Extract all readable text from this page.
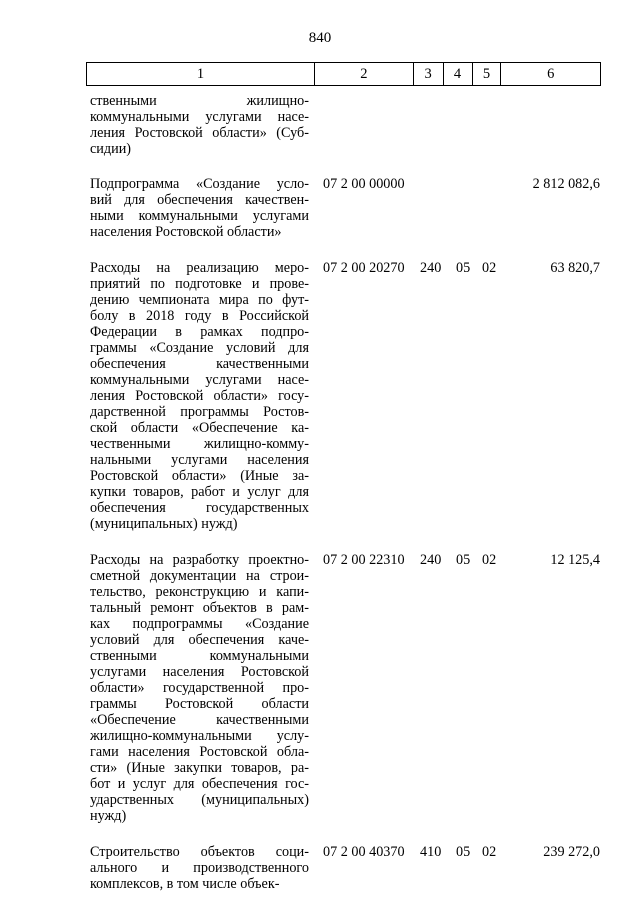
840
1	2	3	4	5	6
ственными жилищно-
коммунальными услугами насе-
ления Ростовской области» (Суб-
сидии)
Подпрограмма «Создание усло-
вий для обеспечения качествен-
ными коммунальными услугами
населения Ростовской области»
07 2 00 00000	2 812 082,6
Расходы на реализацию меро-
приятий по подготовке и прове-
дению чемпионата мира по фут-
болу в 2018 году в Российской
Федерации в рамках подпро-
граммы «Создание условий для
обеспечения качественными
коммунальными услугами насе-
ления Ростовской области» госу-
дарственной программы Ростов-
ской области «Обеспечение ка-
чественными жилищно-комму-
нальными услугами населения
Ростовской области» (Иные за-
купки товаров, работ и услуг для
обеспечения государственных
(муниципальных) нужд)
07 2 00 20270 240 05 02	63 820,7
Расходы на разработку проектно-
сметной документации на строи-
тельство, реконструкцию и капи-
тальный ремонт объектов в рам-
ках подпрограммы «Создание
условий для обеспечения каче-
ственными коммунальными
услугами населения Ростовской
области» государственной про-
граммы Ростовской области
«Обеспечение качественными
жилищно-коммунальными услу-
гами населения Ростовской обла-
сти» (Иные закупки товаров, ра-
бот и услуг для обеспечения гос-
ударственных (муниципальных)
нужд)
07 2 00 22310 240 05 02	12 125,4
Строительство объектов соци-
ального и производственного
комплексов, в том числе объек-
07 2 00 40370 410 05 02	239 272,0
